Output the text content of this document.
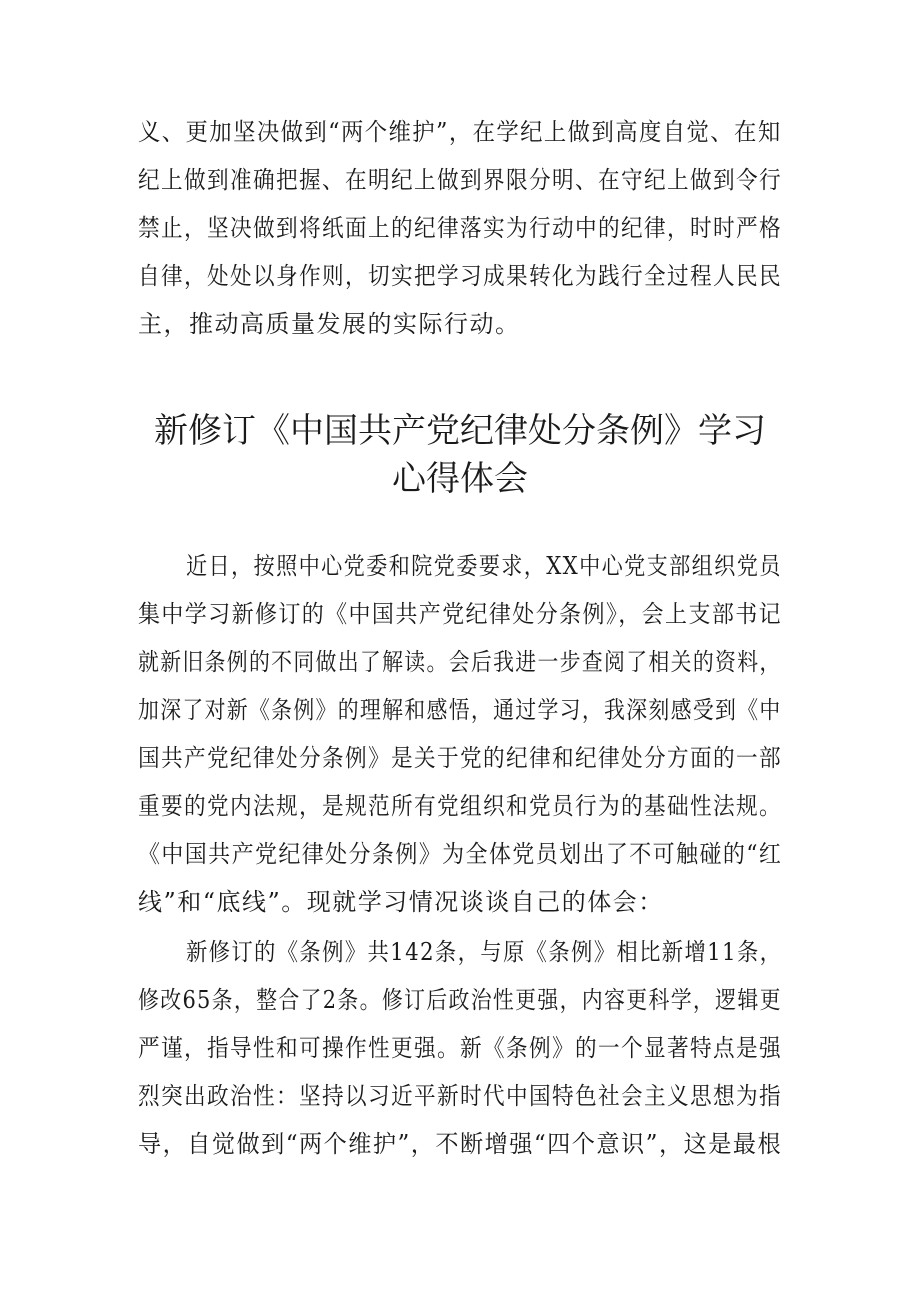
义、更加坚决做到“两个维护”，在学纪上做到高度自觉、在知
纪上做到准确把握、在明纪上做到界限分明、在守纪上做到令行
禁止，坚决做到将纸面上的纪律落实为行动中的纪律，时时严格
自律，处处以身作则，切实把学习成果转化为践行全过程人民民
主，推动高质量发展的实际行动。
新修订《中国共产党纪律处分条例》学习
心得体会
近日，按照中心党委和院党委要求，XX中心党支部组织党员
集中学习新修订的《中国共产党纪律处分条例》，会上支部书记
就新旧条例的不同做出了解读。会后我进一步查阅了相关的资料，
加深了对新《条例》的理解和感悟，通过学习，我深刻感受到《中
国共产党纪律处分条例》是关于党的纪律和纪律处分方面的一部
重要的党内法规，是规范所有党组织和党员行为的基础性法规。
《中国共产党纪律处分条例》为全体党员划出了不可触碰的“红
线”和“底线”。现就学习情况谈谈自己的体会：
新修订的《条例》共142条，与原《条例》相比新增11条，
修改65条，整合了2条。修订后政治性更强，内容更科学，逻辑更
严谨，指导性和可操作性更强。新《条例》的一个显著特点是强
烈突出政治性：坚持以习近平新时代中国特色社会主义思想为指
导，自觉做到“两个维护”，不断增强“四个意识”，这是最根
